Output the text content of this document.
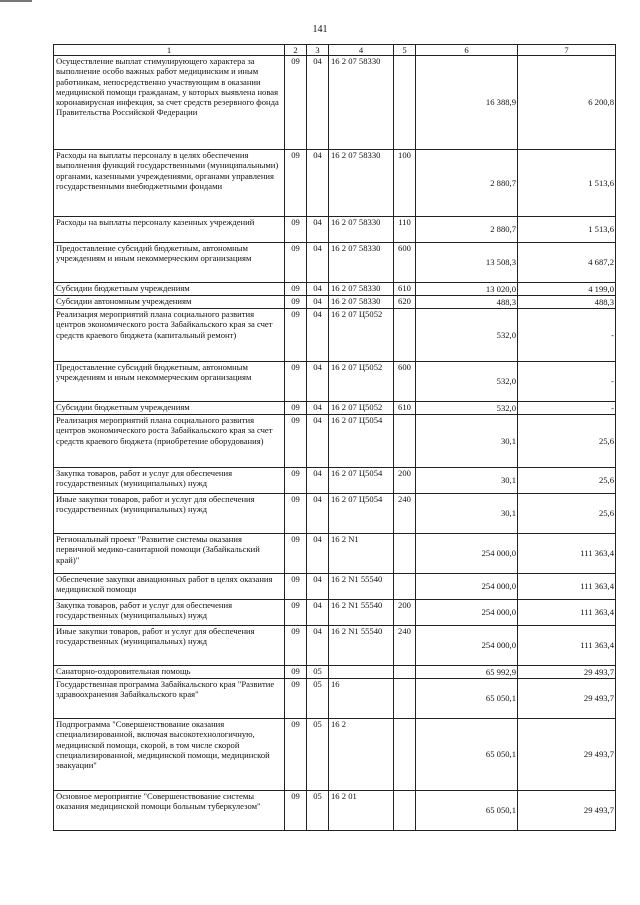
141
1	2	3	4	5	6	7
Осуществление выплат стимулирующего характера за выполнение особо важных работ медицинским и иным работникам, непосредственно участвующим в оказании медицинской помощи гражданам, у которых выявлена новая коронавирусная инфекция, за счет средств резервного фонда Правительства Российской Федерации	09	04	16 2 07 58330		16 388,9	6 200,8
Расходы на выплаты персоналу в целях обеспечения выполнения функций государственными (муниципальными) органами, казенными учреждениями, органами управления государственными внебюджетными фондами	09	04	16 2 07 58330	100	2 880,7	1 513,6
Расходы на выплаты персоналу казенных учреждений	09	04	16 2 07 58330	110	2 880,7	1 513,6
Предоставление субсидий бюджетным, автономным учреждениям и иным некоммерческим организациям	09	04	16 2 07 58330	600	13 508,3	4 687,2
Субсидии бюджетным учреждениям	09	04	16 2 07 58330	610	13 020,0	4 199,0
Субсидии автономным учреждениям	09	04	16 2 07 58330	620	488,3	488,3
Реализация мероприятий плана социального развития центров экономического роста Забайкальского края за счет средств краевого бюджета (капитальный ремонт)	09	04	16 2 07 Ц5052		532,0	-
Предоставление субсидий бюджетным, автономным учреждениям и иным некоммерческим организациям	09	04	16 2 07 Ц5052	600	532,0	-
Субсидии бюджетным учреждениям	09	04	16 2 07 Ц5052	610	532,0	-
Реализация мероприятий плана социального развития центров экономического роста Забайкальского края за счет средств краевого бюджета (приобретение оборудования)	09	04	16 2 07 Ц5054		30,1	25,6
Закупка товаров, работ и услуг для обеспечения государственных (муниципальных) нужд	09	04	16 2 07 Ц5054	200	30,1	25,6
Иные закупки товаров, работ и услуг для обеспечения государственных (муниципальных) нужд	09	04	16 2 07 Ц5054	240	30,1	25,6
Региональный проект "Развитие системы оказания первичной медико-санитарной помощи (Забайкальский край)"	09	04	16 2 N1		254 000,0	111 363,4
Обеспечение закупки авиационных работ в целях оказания медицинской помощи	09	04	16 2 N1 55540		254 000,0	111 363,4
Закупка товаров, работ и услуг для обеспечения государственных (муниципальных) нужд	09	04	16 2 N1 55540	200	254 000,0	111 363,4
Иные закупки товаров, работ и услуг для обеспечения государственных (муниципальных) нужд	09	04	16 2 N1 55540	240	254 000,0	111 363,4
Санаторно-оздоровительная помощь	09	05			65 992,9	29 493,7
Государственная программа Забайкальского края "Развитие здравоохранения Забайкальского края"	09	05	16		65 050,1	29 493,7
Подпрограмма "Совершенствование оказания специализированной, включая высокотехнологичную, медицинской помощи, скорой, в том числе скорой специализированной, медицинской помощи, медицинской эвакуации"	09	05	16 2		65 050,1	29 493,7
Основное мероприятие "Совершенствование системы оказания медицинской помощи больным туберкулезом"	09	05	16 2 01		65 050,1	29 493,7
